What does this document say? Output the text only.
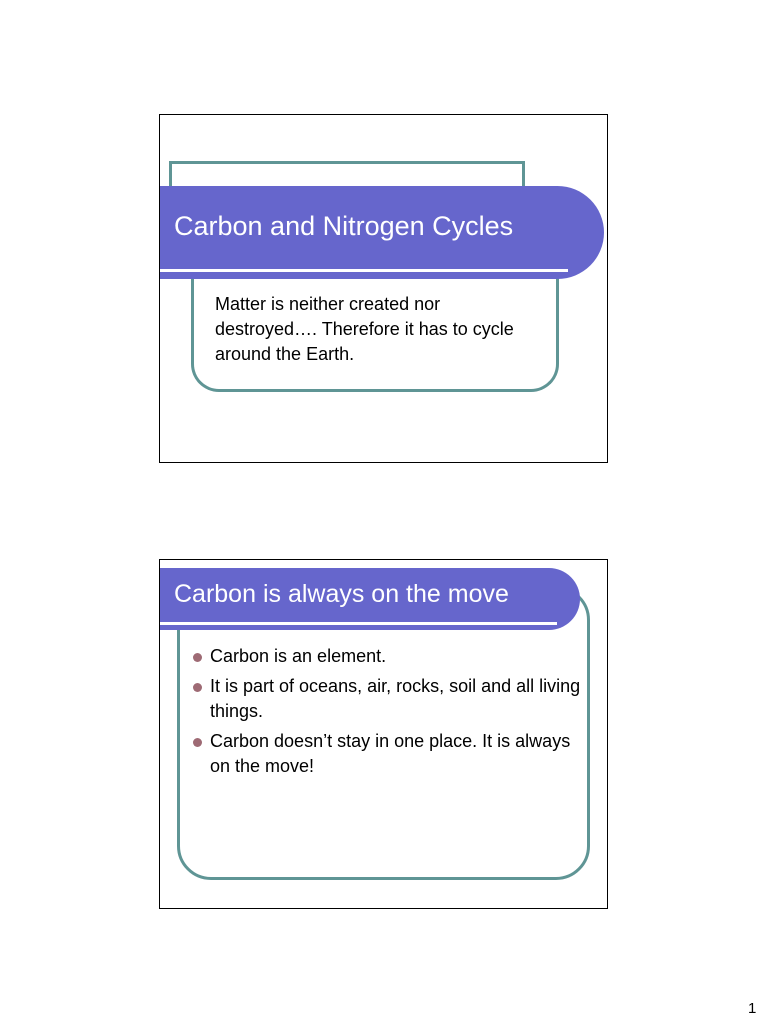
Carbon and Nitrogen Cycles

Matter is neither created nor destroyed…. Therefore it has to cycle around the Earth.

Carbon is always on the move
Carbon is an element.
It is part of oceans, air, rocks, soil and all living things.
Carbon doesn’t stay in one place. It is always on the move!
1
